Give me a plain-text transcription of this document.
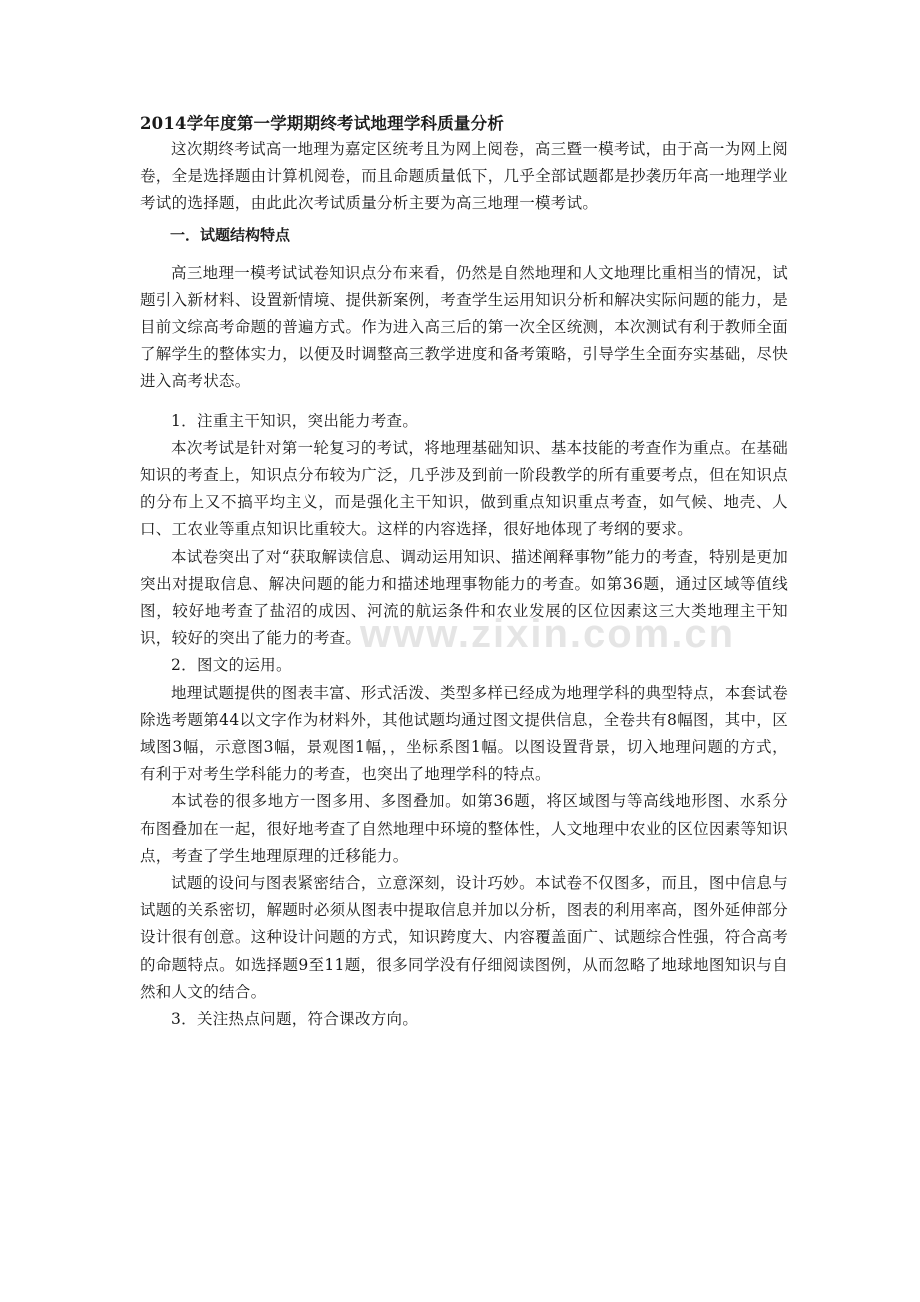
www.zixin.com.cn
2014学年度第一学期期终考试地理学科质量分析

这次期终考试高一地理为嘉定区统考且为网上阅卷，高三暨一模考试，由于高一为网上阅卷，全是选择题由计算机阅卷，而且命题质量低下，几乎全部试题都是抄袭历年高一地理学业考试的选择题，由此此次考试质量分析主要为高三地理一模考试。

一．试题结构特点

高三地理一模考试试卷知识点分布来看，仍然是自然地理和人文地理比重相当的情况，试题引入新材料、设置新情境、提供新案例，考查学生运用知识分析和解决实际问题的能力，是目前文综高考命题的普遍方式。作为进入高三后的第一次全区统测，本次测试有利于教师全面了解学生的整体实力，以便及时调整高三教学进度和备考策略，引导学生全面夯实基础，尽快进入高考状态。

1．注重主干知识，突出能力考查。

本次考试是针对第一轮复习的考试，将地理基础知识、基本技能的考查作为重点。在基础知识的考查上，知识点分布较为广泛，几乎涉及到前一阶段教学的所有重要考点，但在知识点的分布上又不搞平均主义，而是强化主干知识，做到重点知识重点考查，如气候、地壳、人口、工农业等重点知识比重较大。这样的内容选择，很好地体现了考纲的要求。

本试卷突出了对“获取解读信息、调动运用知识、描述阐释事物”能力的考查，特别是更加突出对提取信息、解决问题的能力和描述地理事物能力的考查。如第36题，通过区域等值线图，较好地考查了盐沼的成因、河流的航运条件和农业发展的区位因素这三大类地理主干知识，较好的突出了能力的考查。

2．图文的运用。

地理试题提供的图表丰富、形式活泼、类型多样已经成为地理学科的典型特点，本套试卷除选考题第44以文字作为材料外，其他试题均通过图文提供信息，全卷共有8幅图，其中，区域图3幅，示意图3幅，景观图1幅，，坐标系图1幅。以图设置背景，切入地理问题的方式，有利于对考生学科能力的考查，也突出了地理学科的特点。

本试卷的很多地方一图多用、多图叠加。如第36题，将区域图与等高线地形图、水系分布图叠加在一起，很好地考查了自然地理中环境的整体性，人文地理中农业的区位因素等知识点，考查了学生地理原理的迁移能力。

试题的设问与图表紧密结合，立意深刻，设计巧妙。本试卷不仅图多，而且，图中信息与试题的关系密切，解题时必须从图表中提取信息并加以分析，图表的利用率高，图外延伸部分设计很有创意。这种设计问题的方式，知识跨度大、内容覆盖面广、试题综合性强，符合高考的命题特点。如选择题9至11题，很多同学没有仔细阅读图例，从而忽略了地球地图知识与自然和人文的结合。

3．关注热点问题，符合课改方向。
